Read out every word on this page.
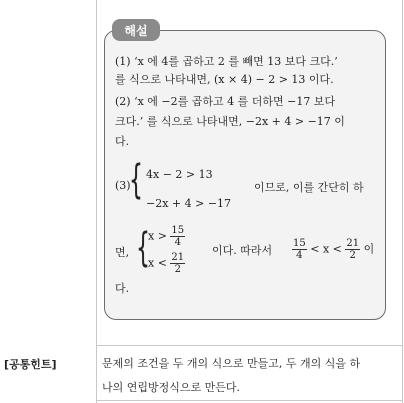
해설
(1) ‘x 에 4를 곱하고 2 를 빼면 13 보다 크다.’
를 식으로 나타내면, (x × 4) − 2 > 13 이다.
(2) ‘x 에 −2를 곱하고 4 를 더하면 −17 보다
크다.’ 를 식으로 나타내면, −2x + 4 > −17 이
다.
(3)
{ 4x − 2 > 13
−2x + 4 > −17
이므로, 이를 간단히 하
면, {
$x > \frac{15}{4}$
$x < \frac{21}{2}$
이다. 따라서 $\frac{15}{4} < x < \frac{21}{2}$ 이
다.
[공통힌트]	문제의 조건을 두 개의 식으로 만들고, 두 개의 식을 하
나의 연립방정식으로 만든다.
